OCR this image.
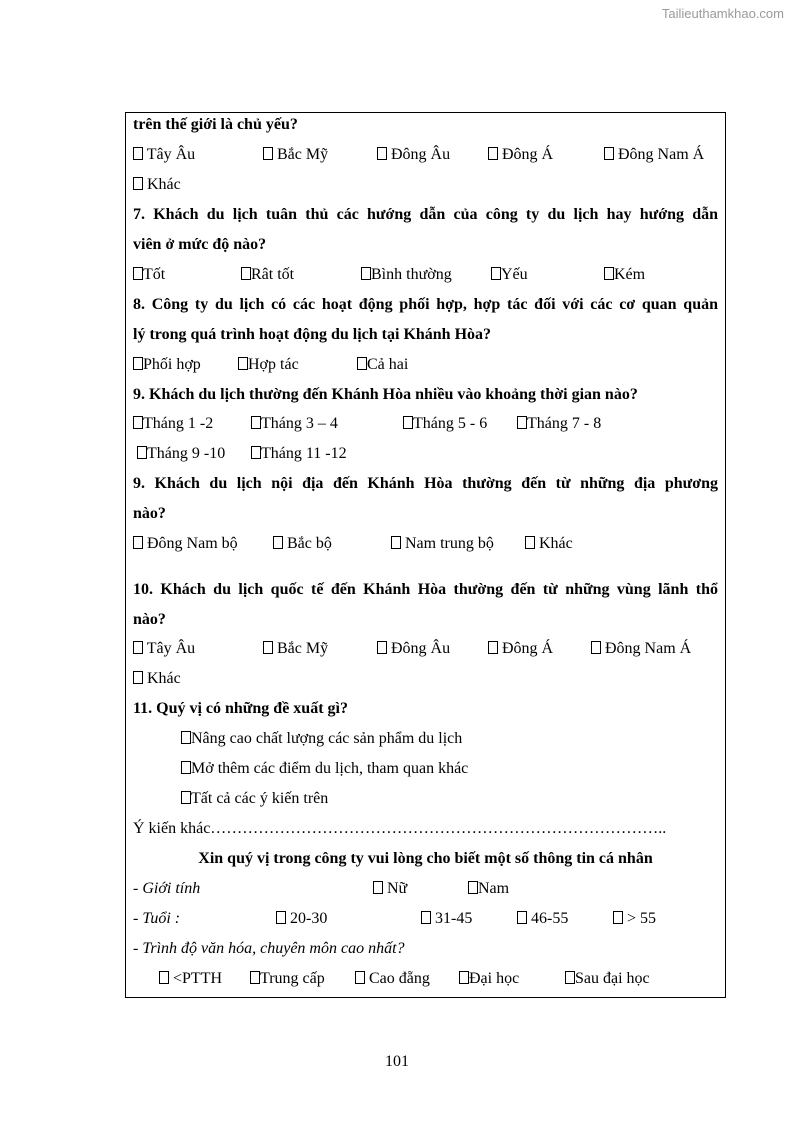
Tailieuthamkhao.com
trên thế giới là chủ yếu?
Tây Âu	Bắc Mỹ	Đông Âu	Đông Á	Đông Nam Á
Khác
7. Khách du lịch tuân thủ các hướng dẫn của công ty du lịch hay hướng dẫn
viên ở mức độ nào?
Tốt	Rât tốt	Bình thường	Yếu	Kém
8. Công ty du lịch có các hoạt động phối hợp, hợp tác đối với các cơ quan quản
lý trong quá trình hoạt động du lịch tại Khánh Hòa?
Phối hợp	Hợp tác	Cả hai
9. Khách du lịch thường đến Khánh Hòa nhiều vào khoảng thời gian nào?
Tháng 1 -2	Tháng 3 – 4	Tháng 5 - 6	Tháng 7 - 8
Tháng 9 -10	Tháng 11 -12
9. Khách du lịch nội địa đến Khánh Hòa thường đến từ những địa phương
nào?
Đông Nam bộ	Bắc bộ	Nam trung bộ	Khác
10. Khách du lịch quốc tế đến Khánh Hòa thường đến từ những vùng lãnh thổ
nào?
Tây Âu	Bắc Mỹ	Đông Âu	Đông Á	Đông Nam Á
Khác
11. Quý vị có những đề xuất gì?
Nâng cao chất lượng các sản phẩm du lịch
Mở thêm các điểm du lịch, tham quan khác
Tất cả các ý kiến trên
Ý kiến khác…………………………………………………………………………..
Xin quý vị trong công ty vui lòng cho biết một số thông tin cá nhân
- Giới tính	Nữ	Nam
- Tuổi :	20-30	31-45	46-55	> 55
- Trình độ văn hóa, chuyên môn cao nhất?
<PTTH	Trung cấp	Cao đẵng	Đại học	Sau đại học
101
